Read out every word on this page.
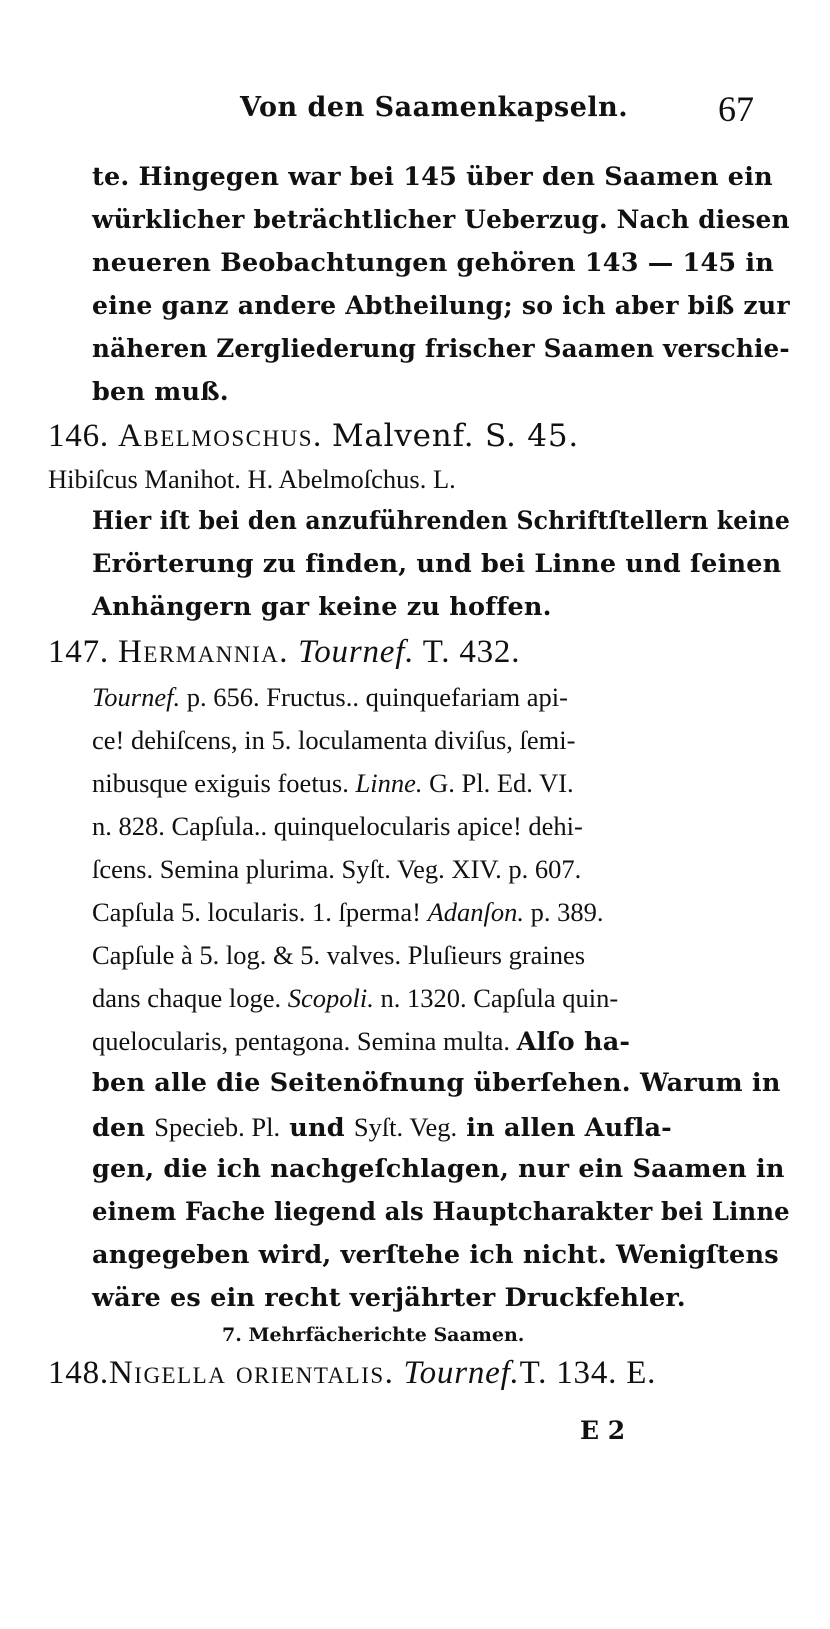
Von den Saamenkapseln. 67
te. Hingegen war bei 145 über den Saamen ein
würklicher beträchtlicher Ueberzug. Nach diesen
neueren Beobachtungen gehören 143 — 145 in
eine ganz andere Abtheilung; so ich aber biß zur
näheren Zergliederung frischer Saamen verschie-
ben muß.
146. Abelmoschus. Malvenf. S. 45.
Hibiſcus Manihot. H. Abelmoſchus. L.
Hier iſt bei den anzuführenden Schriftſtellern keine
Erörterung zu finden, und bei Linne und ſeinen
Anhängern gar keine zu hoffen.
147. Hermannia. Tournef. T. 432.
Tournef. p. 656. Fructus.. quinquefariam api-
ce! dehiſcens, in 5. loculamenta diviſus, ſemi-
nibusque exiguis foetus. Linne. G. Pl. Ed. VI.
n. 828. Capſula.. quinquelocularis apice! dehi-
ſcens. Semina plurima. Syſt. Veg. XIV. p. 607.
Capſula 5. locularis. 1. ſperma! Adanſon. p. 389.
Capſule à 5. log. & 5. valves. Pluſieurs graines
dans chaque loge. Scopoli. n. 1320. Capſula quin-
quelocularis, pentagona. Semina multa. Alſo ha-
ben alle die Seitenöfnung überſehen. Warum in
den Specieb. Pl. und Syſt. Veg. in allen Aufla-
gen, die ich nachgeſchlagen, nur ein Saamen in
einem Fache liegend als Hauptcharakter bei Linne
angegeben wird, verſtehe ich nicht. Wenigſtens
wäre es ein recht verjährter Druckfehler.
7. Mehrfächerichte Saamen.
148.Nigella orientalis. Tournef.T. 134. E.
E 2
